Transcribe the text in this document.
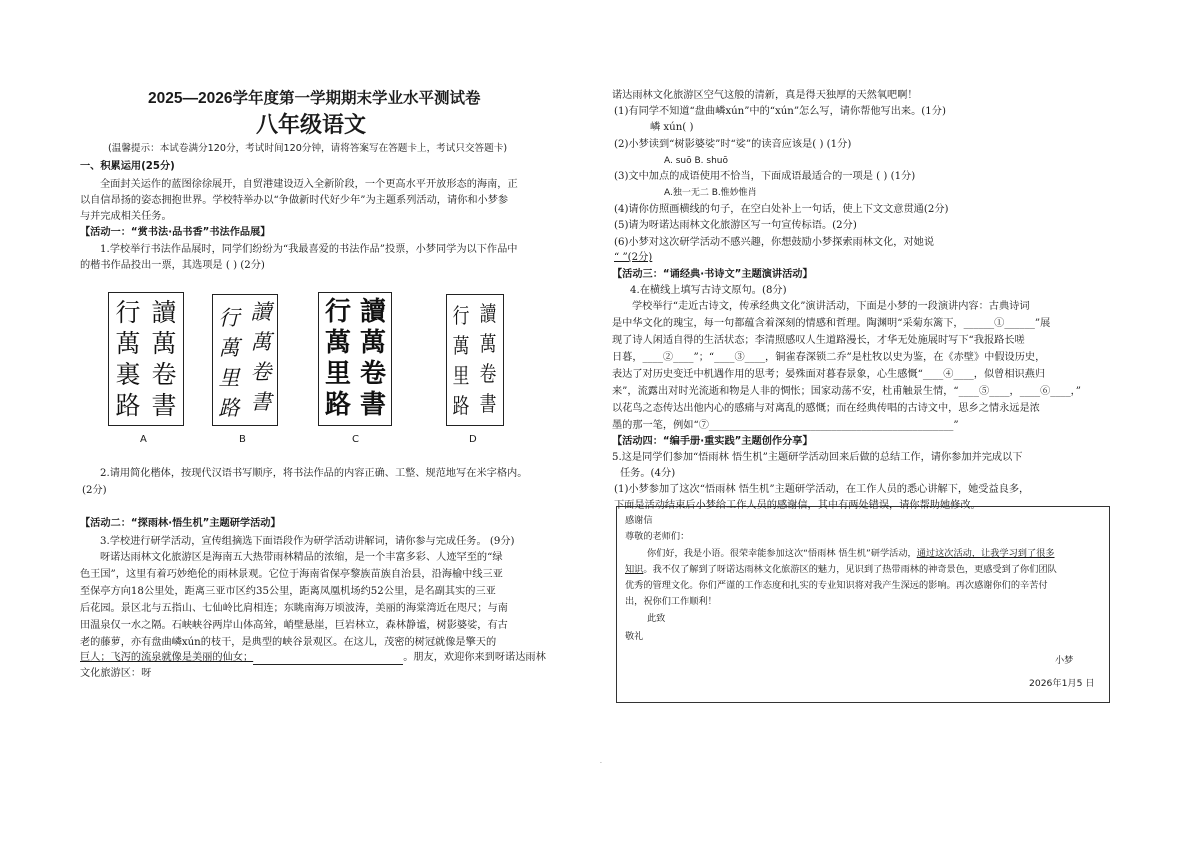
2025—2026学年度第一学期期末学业水平测试卷
八年级语文
(温馨提示：本试卷满分120分，考试时间120分钟，请将答案写在答题卡上，考试只交答题卡)
一、积累运用(25分)
全面封关运作的蓝图徐徐展开，自贸港建设迈入全新阶段，一个更高水平开放形态的海南，正
以自信昂扬的姿态拥抱世界。学校特举办以“争做新时代好少年”为主题系列活动，请你和小梦参
与并完成相关任务。
【活动一：“赏书法·品书香”书法作品展】
1.学校举行书法作品展时，同学们纷纷为“我最喜爱的书法作品”投票，小梦同学为以下作品中
的楷书作品投出一票，其选项是 ( ) (2分)
行
萬
裏
路
讀
萬
卷
書
A
行
萬
里
路
讀
萬
卷
書
B
行
萬
里
路
讀
萬
卷
書
C
行
萬
里
路
讀
萬
卷
書
D
2.请用简化楷体，按现代汉语书写顺序，将书法作品的内容正确、工整、规范地写在米字格内。
(2分)
【活动二：“探雨林·悟生机”主题研学活动】
3.学校进行研学活动，宣传组摘选下面语段作为研学活动讲解词，请你参与完成任务。 (9分)
呀诺达雨林文化旅游区是海南五大热带雨林精品的浓缩，是一个丰富多彩、人迹罕至的“绿
色王国”，这里有着巧妙绝伦的雨林景观。它位于海南省保亭黎族苗族自治县，沿海榆中线三亚
至保亭方向18公里处，距离三亚市区约35公里，距离凤凰机场约52公里，是名副其实的三亚
后花园。景区北与五指山、七仙岭比肩相连；东眺南海万顷波涛，美丽的海棠湾近在咫尺；与南
田温泉仅一水之隔。石峡峡谷两岸山体高耸，峭壁悬崖，巨岩林立，森林静谧，树影婆娑，有古
老的藤萝，亦有盘曲嶙xún的枝干，是典型的峡谷景观区。在这儿，茂密的树冠就像是擎天的
巨人；飞泻的流泉就像是美丽的仙女；	。朋友，欢迎你来到呀诺达雨林
文化旅游区：呀
诺达雨林文化旅游区空气这般的清新，真是得天独厚的天然氧吧啊！
(1)有同学不知道“盘曲嶙xún”中的“xún”怎么写，请你帮他写出来。(1分)
嶙 xún( )
(2)小梦读到“树影婆娑”时“娑”的读音应该是( ) (1分)
A. suō B. shuō
(3)文中加点的成语使用不恰当，下面成语最适合的一项是 ( ) (1分)
A.独一无二 B.惟妙惟肖
(4)请你仿照画横线的句子，在空白处补上一句话，使上下文文意贯通(2分)
(5)请为呀诺达雨林文化旅游区写一句宣传标语。(2分)
(6)小梦对这次研学活动不感兴趣，你想鼓励小梦探索雨林文化，对她说
“ ”(2分)
【活动三：“诵经典·书诗文”主题演讲活动】
4.在横线上填写古诗文原句。(8分)
学校举行“走近古诗文，传承经典文化”演讲活动，下面是小梦的一段演讲内容：古典诗词
是中华文化的瑰宝，每一句都蕴含着深刻的情感和哲理。陶渊明“采菊东篱下，______①______”展
现了诗人闲适自得的生活状态；李清照感叹人生道路漫长，才华无处施展时写下“我报路长嗟
日暮，____②____”；“____③____，铜雀春深锁二乔”是杜牧以史为鉴，在《赤壁》中假设历史，
表达了对历史变迁中机遇作用的思考；晏殊面对暮春景象，心生感慨“____④____，似曾相识燕归
来”，流露出对时光流逝和物是人非的惆怅；国家动荡不安，杜甫触景生情，“____⑤____，____⑥____，”
以花鸟之态传达出他内心的感痛与对离乱的感慨；而在经典传唱的古诗文中，思乡之情永远是浓
墨的那一笔，例如“⑦________________________________________________”
【活动四：“编手册·重实践”主题创作分享】
5.这是同学们参加“悟雨林 悟生机”主题研学活动回来后做的总结工作，请你参加并完成以下
任务。(4分)
(1)小梦参加了这次“悟雨林 悟生机”主题研学活动，在工作人员的悉心讲解下，她受益良多，
下面是活动结束后小梦给工作人员的感谢信，其中有两处错误，请你帮助她修改。
感谢信
尊敬的老师们：
你们好，我是小语。很荣幸能参加这次“悟雨林 悟生机”研学活动，通过这次活动，让我学习到了很多
知识。我不仅了解到了呀诺达雨林文化旅游区的魅力，见识到了热带雨林的神奇景色，更感受到了你们团队
优秀的管理文化。你们严谨的工作态度和扎实的专业知识将对我产生深远的影响。再次感谢你们的辛苦付
出，祝你们工作顺利！
此致
敬礼
小梦
2026年1月5 日
·
